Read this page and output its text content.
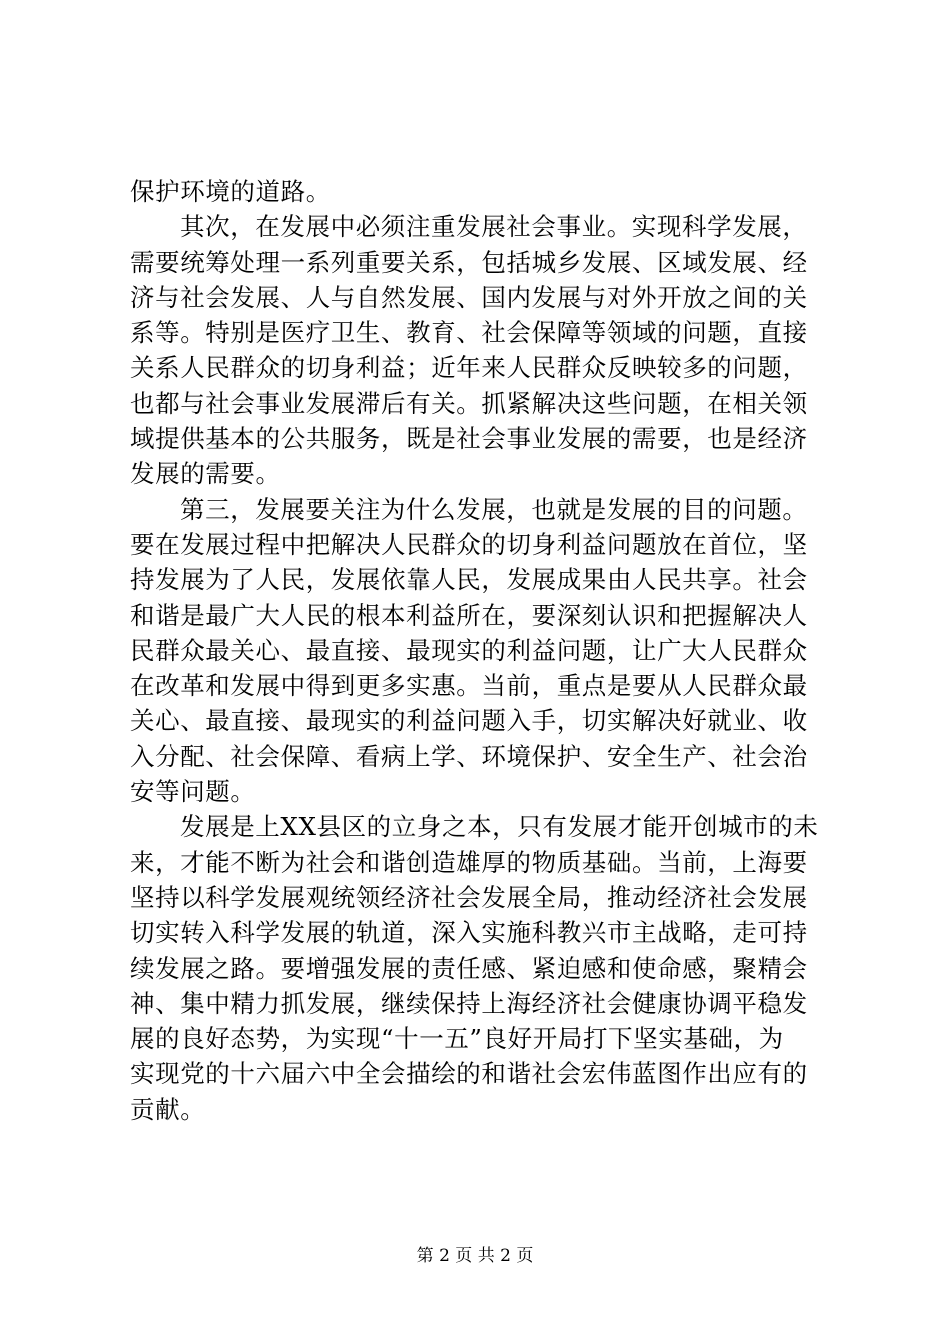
保护环境的道路。
其次，在发展中必须注重发展社会事业。实现科学发展，
需要统筹处理一系列重要关系，包括城乡发展、区域发展、经
济与社会发展、人与自然发展、国内发展与对外开放之间的关
系等。特别是医疗卫生、教育、社会保障等领域的问题，直接
关系人民群众的切身利益；近年来人民群众反映较多的问题，
也都与社会事业发展滞后有关。抓紧解决这些问题，在相关领
域提供基本的公共服务，既是社会事业发展的需要，也是经济
发展的需要。
第三，发展要关注为什么发展，也就是发展的目的问题。
要在发展过程中把解决人民群众的切身利益问题放在首位，坚
持发展为了人民，发展依靠人民，发展成果由人民共享。社会
和谐是最广大人民的根本利益所在，要深刻认识和把握解决人
民群众最关心、最直接、最现实的利益问题，让广大人民群众
在改革和发展中得到更多实惠。当前，重点是要从人民群众最
关心、最直接、最现实的利益问题入手，切实解决好就业、收
入分配、社会保障、看病上学、环境保护、安全生产、社会治
安等问题。
发展是上XX县区的立身之本，只有发展才能开创城市的未
来，才能不断为社会和谐创造雄厚的物质基础。当前，上海要
坚持以科学发展观统领经济社会发展全局，推动经济社会发展
切实转入科学发展的轨道，深入实施科教兴市主战略，走可持
续发展之路。要增强发展的责任感、紧迫感和使命感，聚精会
神、集中精力抓发展，继续保持上海经济社会健康协调平稳发
展的良好态势，为实现“十一五”良好开局打下坚实基础，为
实现党的十六届六中全会描绘的和谐社会宏伟蓝图作出应有的
贡献。
第 2 页 共 2 页
